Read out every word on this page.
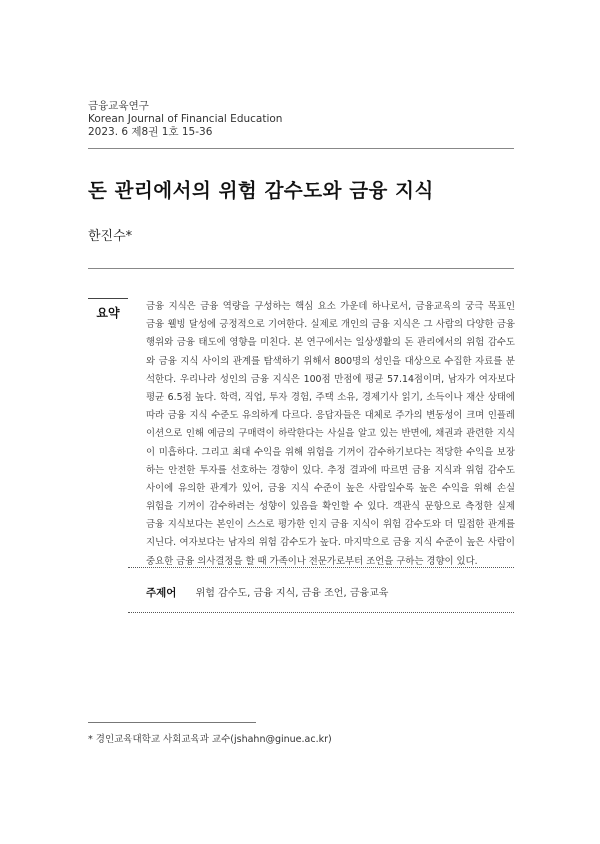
금융교육연구
Korean Journal of Financial Education
2023. 6 제8권 1호 15-36
돈 관리에서의 위험 감수도와 금융 지식
한진수*
요약	금융 지식은 금융 역량을 구성하는 핵심 요소 가운데 하나로서, 금융교육의 궁극 목표인
금융 웰빙 달성에 긍정적으로 기여한다. 실제로 개인의 금융 지식은 그 사람의 다양한 금융
행위와 금융 태도에 영향을 미친다. 본 연구에서는 일상생활의 돈 관리에서의 위험 감수도
와 금융 지식 사이의 관계를 탐색하기 위해서 800명의 성인을 대상으로 수집한 자료를 분
석한다. 우리나라 성인의 금융 지식은 100점 만점에 평균 57.14점이며, 남자가 여자보다
평균 6.5점 높다. 학력, 직업, 투자 경험, 주택 소유, 경제기사 읽기, 소득이나 재산 상태에
따라 금융 지식 수준도 유의하게 다르다. 응답자들은 대체로 주가의 변동성이 크며 인플레
이션으로 인해 예금의 구매력이 하락한다는 사실을 알고 있는 반면에, 채권과 관련한 지식
이 미흡하다. 그리고 최대 수익을 위해 위험을 기꺼이 감수하기보다는 적당한 수익을 보장
하는 안전한 투자를 선호하는 경향이 있다. 추정 결과에 따르면 금융 지식과 위험 감수도
사이에 유의한 관계가 있어, 금융 지식 수준이 높은 사람일수록 높은 수익을 위해 손실
위험을 기꺼이 감수하려는 성향이 있음을 확인할 수 있다. 객관식 문항으로 측정한 실제
금융 지식보다는 본인이 스스로 평가한 인지 금융 지식이 위험 감수도와 더 밀접한 관계를
지닌다. 여자보다는 남자의 위험 감수도가 높다. 마지막으로 금융 지식 수준이 높은 사람이
중요한 금융 의사결정을 할 때 가족이나 전문가로부터 조언을 구하는 경향이 있다.
주제어 위험 감수도, 금융 지식, 금융 조언, 금융교육
* 경인교육대학교 사회교육과 교수(jshahn@ginue.ac.kr)
